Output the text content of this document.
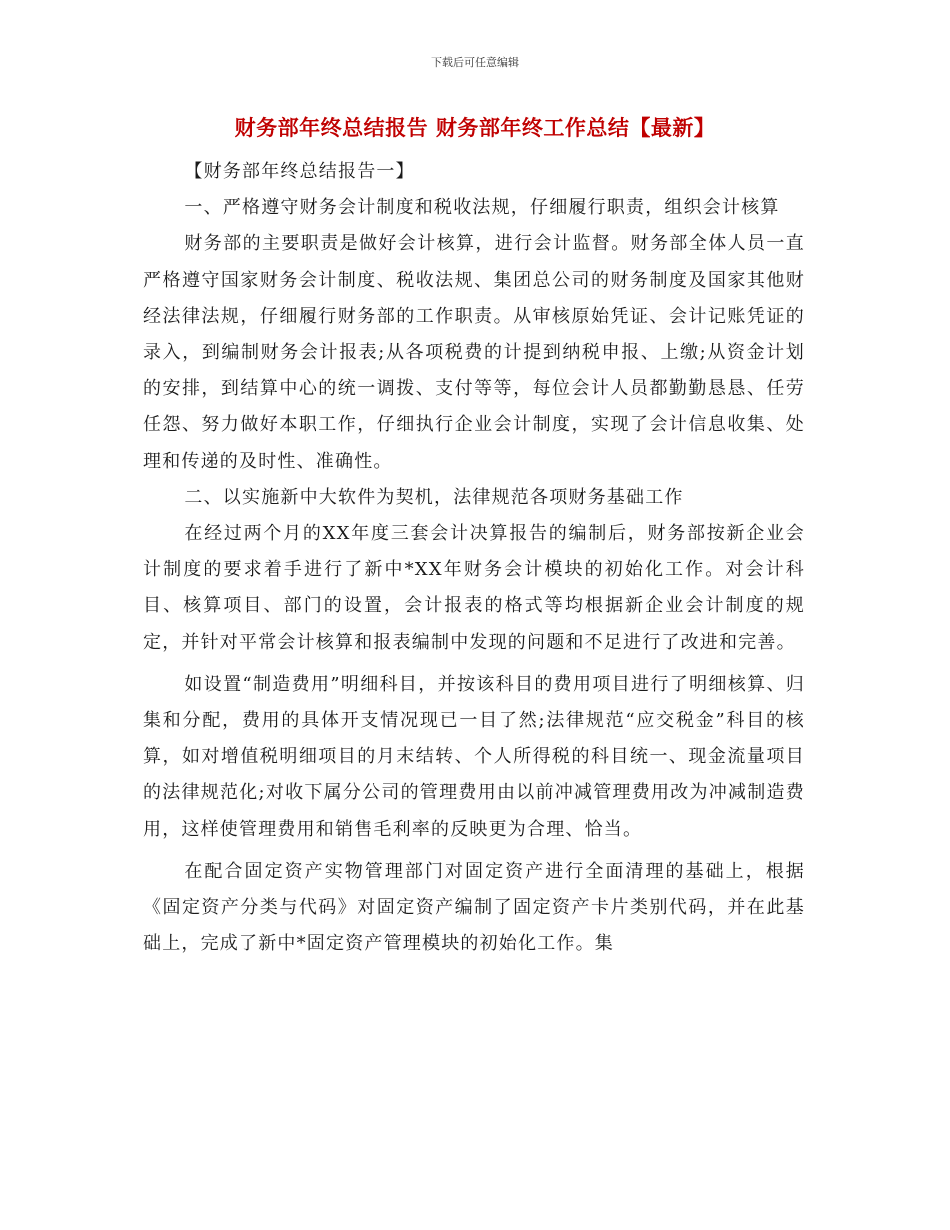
下载后可任意编辑
财务部年终总结报告 财务部年终工作总结【最新】

【财务部年终总结报告一】

一、严格遵守财务会计制度和税收法规，仔细履行职责，组织会计核算

财务部的主要职责是做好会计核算，进行会计监督。财务部全体人员一直严格遵守国家财务会计制度、税收法规、集团总公司的财务制度及国家其他财经法律法规，仔细履行财务部的工作职责。从审核原始凭证、会计记账凭证的录入，到编制财务会计报表;从各项税费的计提到纳税申报、上缴;从资金计划的安排，到结算中心的统一调拨、支付等等，每位会计人员都勤勤恳恳、任劳任怨、努力做好本职工作，仔细执行企业会计制度，实现了会计信息收集、处理和传递的及时性、准确性。

二、以实施新中大软件为契机，法律规范各项财务基础工作

在经过两个月的XX年度三套会计决算报告的编制后，财务部按新企业会计制度的要求着手进行了新中*XX年财务会计模块的初始化工作。对会计科目、核算项目、部门的设置，会计报表的格式等均根据新企业会计制度的规定，并针对平常会计核算和报表编制中发现的问题和不足进行了改进和完善。

如设置“制造费用”明细科目，并按该科目的费用项目进行了明细核算、归集和分配，费用的具体开支情况现已一目了然;法律规范“应交税金”科目的核算，如对增值税明细项目的月末结转、个人所得税的科目统一、现金流量项目的法律规范化;对收下属分公司的管理费用由以前冲减管理费用改为冲减制造费用，这样使管理费用和销售毛利率的反映更为合理、恰当。

在配合固定资产实物管理部门对固定资产进行全面清理的基础上，根据《固定资产分类与代码》对固定资产编制了固定资产卡片类别代码，并在此基础上，完成了新中*固定资产管理模块的初始化工作。集
